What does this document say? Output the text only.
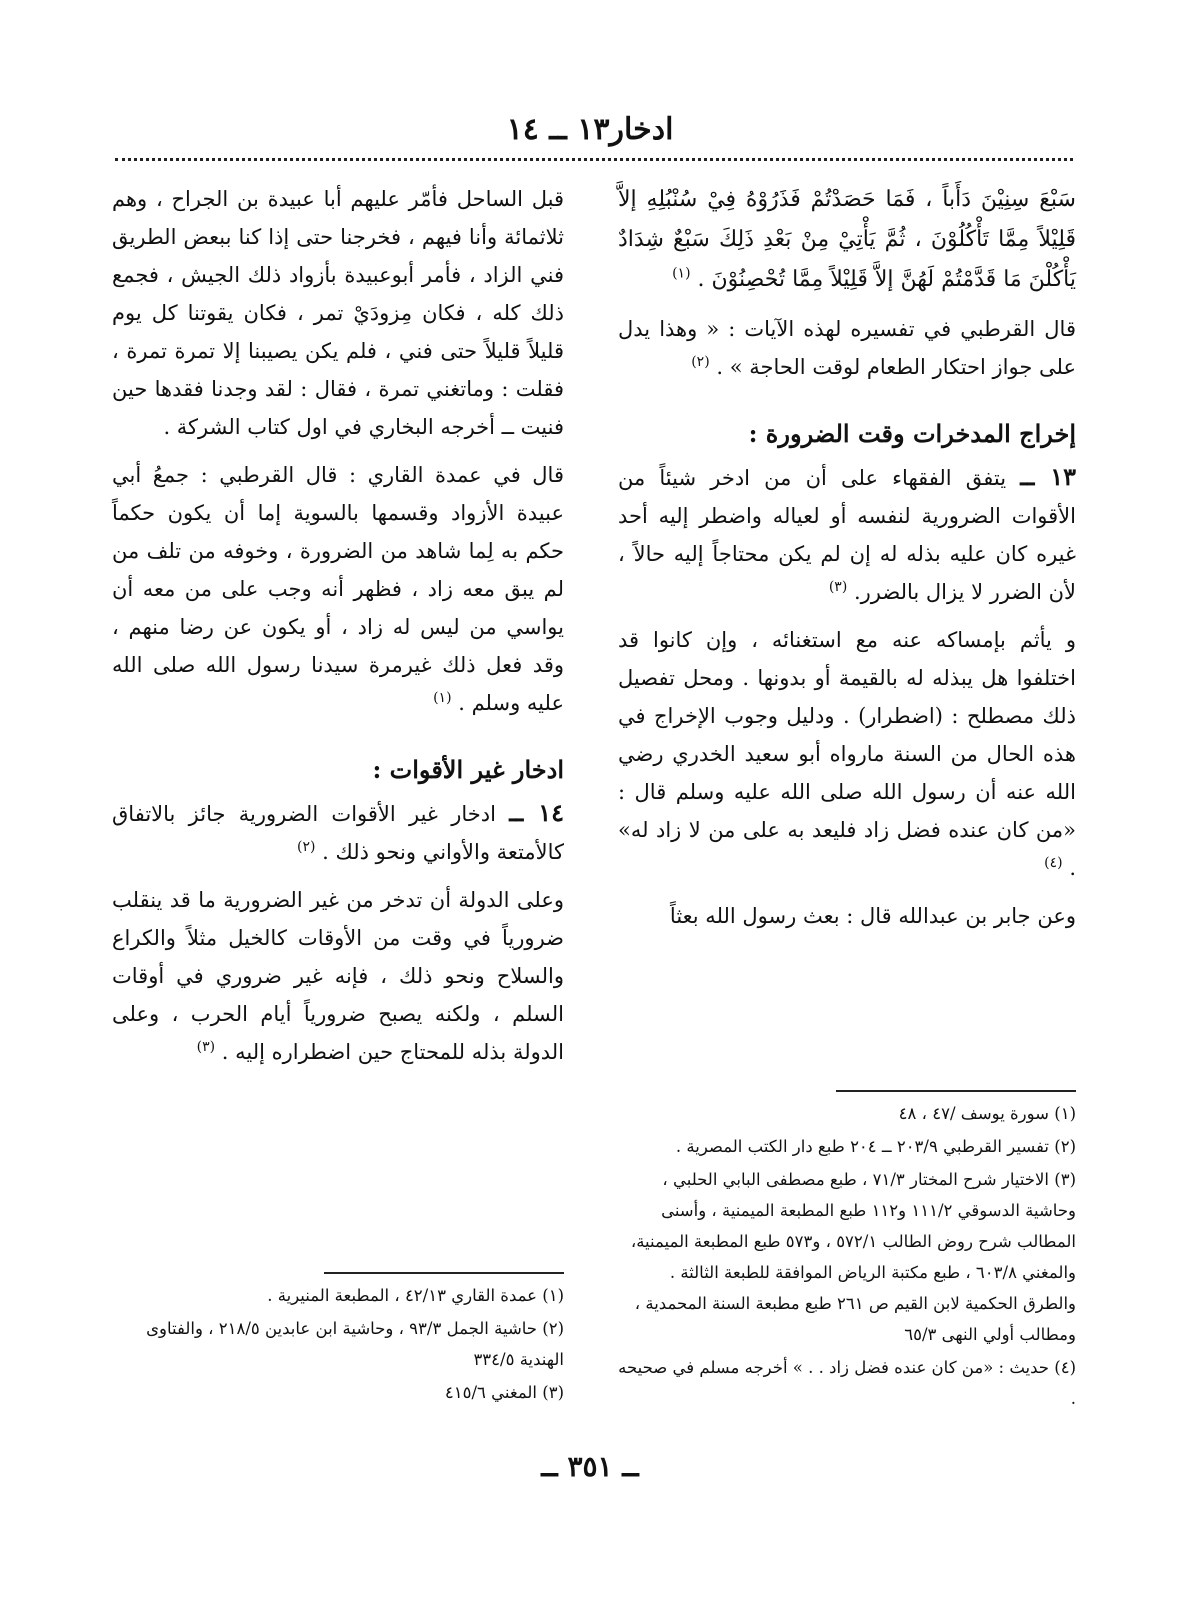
ادخار١٣ ــ ١٤

سَبْعَ سِنِيْنَ دَأَباً ، فَمَا حَصَدْتُمْ فَذَرُوْهُ فِيْ سُنْبُلِهِ إلاَّ قَلِيْلاً مِمَّا تَأْكُلُوْنَ ، ثُمَّ يَأْتِيْ مِنْ بَعْدِ ذَلِكَ سَبْعٌ شِدَادٌ يَأْكُلْنَ مَا قَدَّمْتُمْ لَهُنَّ إلاَّ قَلِيْلاً مِمَّا تُحْصِنُوْنَ . $^{(١)}$

قال القرطبي في تفسيره لهذه الآيات : « وهذا يدل على جواز احتكار الطعام لوقت الحاجة » . $^{(٢)}$

إخراج المدخرات وقت الضرورة :

١٣ ــ يتفق الفقهاء على أن من ادخر شيئاً من الأقوات الضرورية لنفسه أو لعياله واضطر إليه أحد غيره كان عليه بذله له إن لم يكن محتاجاً إليه حالاً ، لأن الضرر لا يزال بالضرر. $^{(٣)}$

و يأثم بإمساكه عنه مع استغنائه ، وإن كانوا قد اختلفوا هل يبذله له بالقيمة أو بدونها . ومحل تفصيل ذلك مصطلح : (اضطرار) . ودليل وجوب الإخراج في هذه الحال من السنة مارواه أبو سعيد الخدري رضي الله عنه أن رسول الله صلى الله عليه وسلم قال : «من كان عنده فضل زاد فليعد به على من لا زاد له» . $^{(٤)}$

وعن جابر بن عبدالله قال : بعث رسول الله بعثاً

(١) سورة يوسف /٤٧ ، ٤٨

(٢) تفسير القرطبي ٢٠٣/٩ ــ ٢٠٤ طبع دار الكتب المصرية .

(٣) الاختيار شرح المختار ٧١/٣ ، طبع مصطفى البابي الحلبي ، وحاشية الدسوقي ١١١/٢ و١١٢ طبع المطبعة الميمنية ، وأسنى المطالب شرح روض الطالب ٥٧٢/١ ، و٥٧٣ طبع المطبعة الميمنية، والمغني ٦٠٣/٨ ، طبع مكتبة الرياض الموافقة للطبعة الثالثة . والطرق الحكمية لابن القيم ص ٢٦١ طبع مطبعة السنة المحمدية ، ومطالب أولي النهى ٦٥/٣

(٤) حديث : «من كان عنده فضل زاد . . » أخرجه مسلم في صحيحه .

قبل الساحل فأمّر عليهم أبا عبيدة بن الجراح ، وهم ثلاثمائة وأنا فيهم ، فخرجنا حتى إذا كنا ببعض الطريق فني الزاد ، فأمر أبوعبيدة بأزواد ذلك الجيش ، فجمع ذلك كله ، فكان مِزودَيْ تمر ، فكان يقوتنا كل يوم قليلاً قليلاً حتى فني ، فلم يكن يصيبنا إلا تمرة تمرة ، فقلت : وماتغني تمرة ، فقال : لقد وجدنا فقدها حين فنيت ــ أخرجه البخاري في اول كتاب الشركة .

قال في عمدة القاري : قال القرطبي : جمعُ أبي عبيدة الأزواد وقسمها بالسوية إما أن يكون حكماً حكم به لِما شاهد من الضرورة ، وخوفه من تلف من لم يبق معه زاد ، فظهر أنه وجب على من معه أن يواسي من ليس له زاد ، أو يكون عن رضا منهم ، وقد فعل ذلك غيرمرة سيدنا رسول الله صلى الله عليه وسلم . $^{(١)}$

ادخار غير الأقوات :

١٤ ــ ادخار غير الأقوات الضرورية جائز بالاتفاق كالأمتعة والأواني ونحو ذلك . $^{(٢)}$

وعلى الدولة أن تدخر من غير الضرورية ما قد ينقلب ضرورياً في وقت من الأوقات كالخيل مثلاً والكراع والسلاح ونحو ذلك ، فإنه غير ضروري في أوقات السلم ، ولكنه يصبح ضرورياً أيام الحرب ، وعلى الدولة بذله للمحتاج حين اضطراره إليه . $^{(٣)}$

(١) عمدة القاري ٤٢/١٣ ، المطبعة المنيرية .

(٢) حاشية الجمل ٩٣/٣ ، وحاشية ابن عابدين ٢١٨/٥ ، والفتاوى الهندية ٣٣٤/٥

(٣) المغني ٤١٥/٦

ــ ٣٥١ ــ
